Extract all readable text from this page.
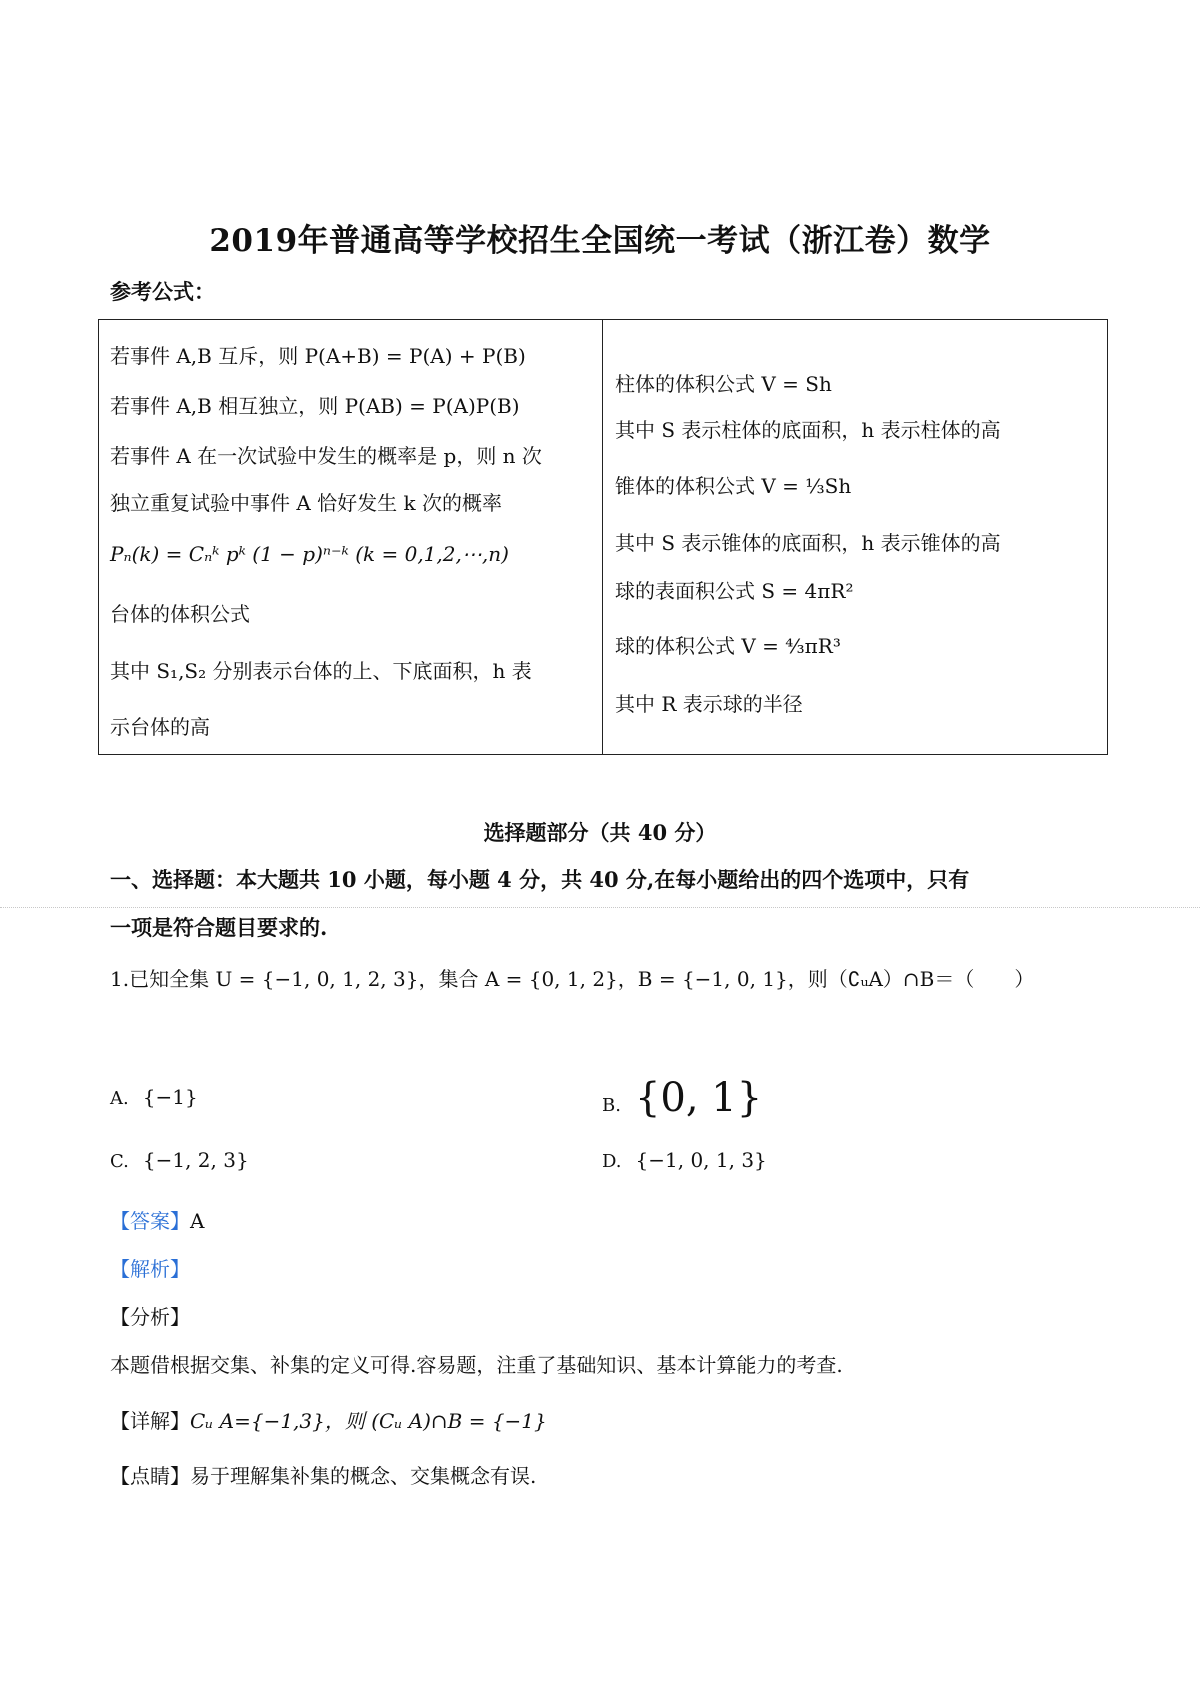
2019年普通高等学校招生全国统一考试（浙江卷）数学
参考公式：
若事件 A,B 互斥，则 P(A+B) = P(A) + P(B)
若事件 A,B 相互独立，则 P(AB) = P(A)P(B)
若事件 A 在一次试验中发生的概率是 p，则 n 次
独立重复试验中事件 A 恰好发生 k 次的概率
Pₙ(k) = Cₙᵏ pᵏ (1 − p)ⁿ⁻ᵏ (k = 0,1,2,⋯,n)
台体的体积公式
其中 S₁,S₂ 分别表示台体的上、下底面积，h 表
示台体的高
柱体的体积公式 V = Sh
其中 S 表示柱体的底面积，h 表示柱体的高
锥体的体积公式 V = ⅓Sh
其中 S 表示锥体的底面积，h 表示锥体的高
球的表面积公式 S = 4πR²
球的体积公式 V = ⁴⁄₃πR³
其中 R 表示球的半径
选择题部分（共 40 分）
一、选择题：本大题共 10 小题，每小题 4 分，共 40 分,在每小题给出的四个选项中，只有
一项是符合题目要求的.
1.已知全集 U = {−1, 0, 1, 2, 3}，集合 A = {0, 1, 2}，B = {−1, 0, 1}，则（∁ᵤA）∩B＝（　　）
A. {−1}	B. {0, 1}
C. {−1, 2, 3}	D. {−1, 0, 1, 3}
【答案】A
【解析】
【分析】
本题借根据交集、补集的定义可得.容易题，注重了基础知识、基本计算能力的考查.
【详解】Cᵤ A={−1,3}，则 (Cᵤ A)∩B = {−1}
【点睛】易于理解集补集的概念、交集概念有误.
